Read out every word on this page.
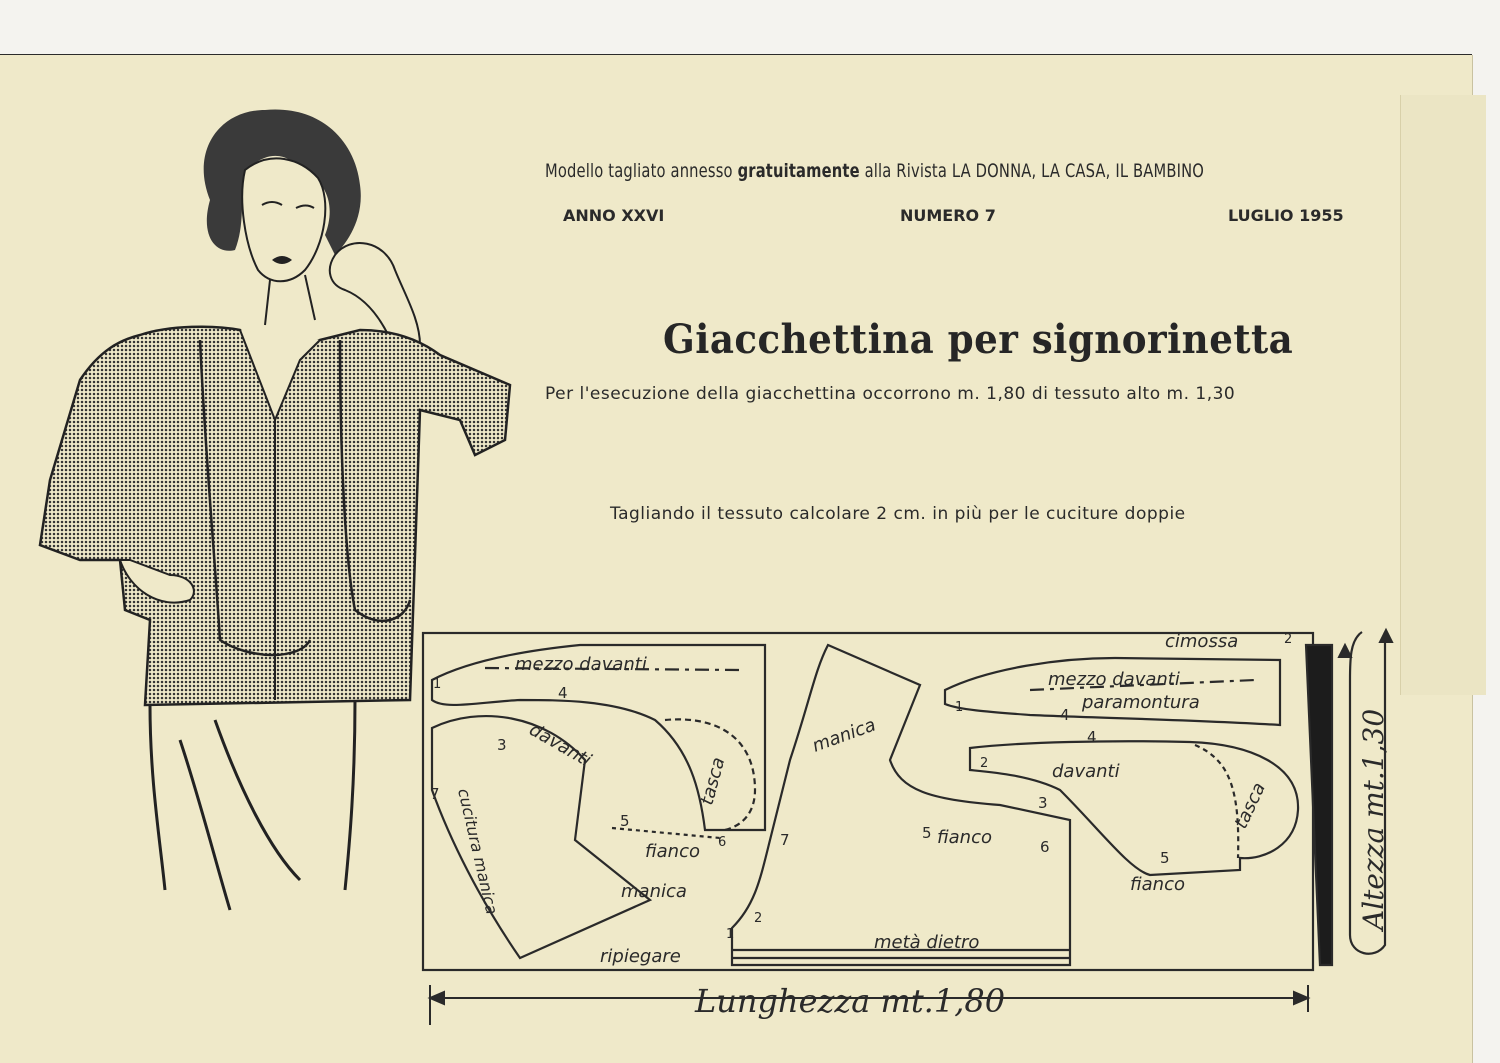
Modello tagliato annesso gratuitamente alla Rivista LA DONNA, LA CASA, IL BAMBINO
ANNO XXVI	NUMERO 7	LUGLIO 1955
Giacchettina per signorinetta
Per l'esecuzione della giacchettina occorrono m. 1,80 di tessuto alto m. 1,30
Tagliando il tessuto calcolare 2 cm. in più per le cuciture doppie
mezzo davanti
davanti
tasca
fianco
cucitura manica	manica
ripiegare
metà dietro
manica
fianco
cimossa
mezzo davanti
paramontura
davanti
tasca
fianco
Lunghezza mt.1,80
Altezza mt.1,30
1	4
3
7
5
6	7
2
1
5
6
1	4
4
2
3
5
2
